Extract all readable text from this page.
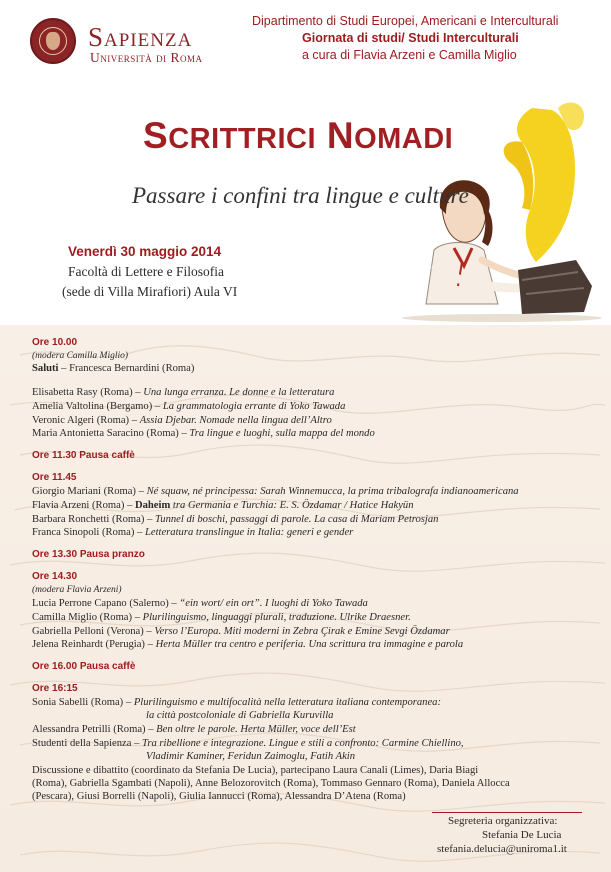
Sapienza
Università di Roma
Dipartimento di Studi Europei, Americani e Interculturali
Giornata di studi/ Studi Interculturali
a cura di Flavia Arzeni e Camilla Miglio
SCRITTRICI NOMADI
Passare i confini tra lingue e culture
Venerdì 30 maggio 2014
Facoltà di Lettere e Filosofia
(sede di Villa Mirafiori) Aula VI
Ore 10.00
(modera Camilla Miglio)
Saluti – Francesca Bernardini (Roma)
Elisabetta Rasy (Roma) – Una lunga erranza. Le donne e la letteratura
Amelia Valtolina (Bergamo) – La grammatologia errante di Yoko Tawada
Veronic Algeri (Roma) – Assia Djebar. Nomade nella lingua dell’Altro
Maria Antonietta Saracino (Roma) – Tra lingue e luoghi, sulla mappa del mondo
Ore 11.30 Pausa caffè
Ore 11.45
Giorgio Mariani (Roma) – Né squaw, né principessa: Sarah Winnemucca, la prima tribalografa indianoamericana
Flavia Arzeni (Roma) – Daheim tra Germania e Turchia: E. S. Özdamar / Hatice Hakyün
Barbara Ronchetti (Roma) – Tunnel di boschi, passaggi di parole. La casa di Mariam Petrosjan
Franca Sinopoli (Roma) – Letteratura translingue in Italia: generi e gender
Ore 13.30 Pausa pranzo
Ore 14.30
(modera Flavia Arzeni)
Lucia Perrone Capano (Salerno) – “ein wort/ ein ort”. I luoghi di Yoko Tawada
Camilla Miglio (Roma) – Plurilinguismo, linguaggi plurali, traduzione. Ulrike Draesner.
Gabriella Pelloni (Verona) – Verso l’Europa. Miti moderni in Zebra Çirak e Emine Sevgi Özdamar
Jelena Reinhardt (Perugia) – Herta Müller tra centro e periferia. Una scrittura tra immagine e parola
Ore 16.00 Pausa caffè
Ore 16:15
Sonia Sabelli (Roma) – Plurilinguismo e multifocalità nella letteratura italiana contemporanea:
la città postcoloniale di Gabriella Kuruvilla
Alessandra Petrilli (Roma) – Ben oltre le parole. Herta Müller, voce dell’Est
Studenti della Sapienza – Tra ribellione e integrazione. Lingue e stili a confronto: Carmine Chiellino,
Vladimir Kaminer, Feridun Zaimoglu, Fatih Akin
Discussione e dibattito (coordinato da Stefania De Lucia), partecipano Laura Canali (Limes), Daria Biagi
(Roma), Gabriella Sgambati (Napoli), Anne Belozorovitch (Roma), Tommaso Gennaro (Roma), Daniela Allocca
(Pescara), Giusi Borrelli (Napoli), Giulia Iannucci (Roma), Alessandra D’Atena (Roma)
Segreteria organizzativa:
Stefania De Lucia
stefania.delucia@uniroma1.it
